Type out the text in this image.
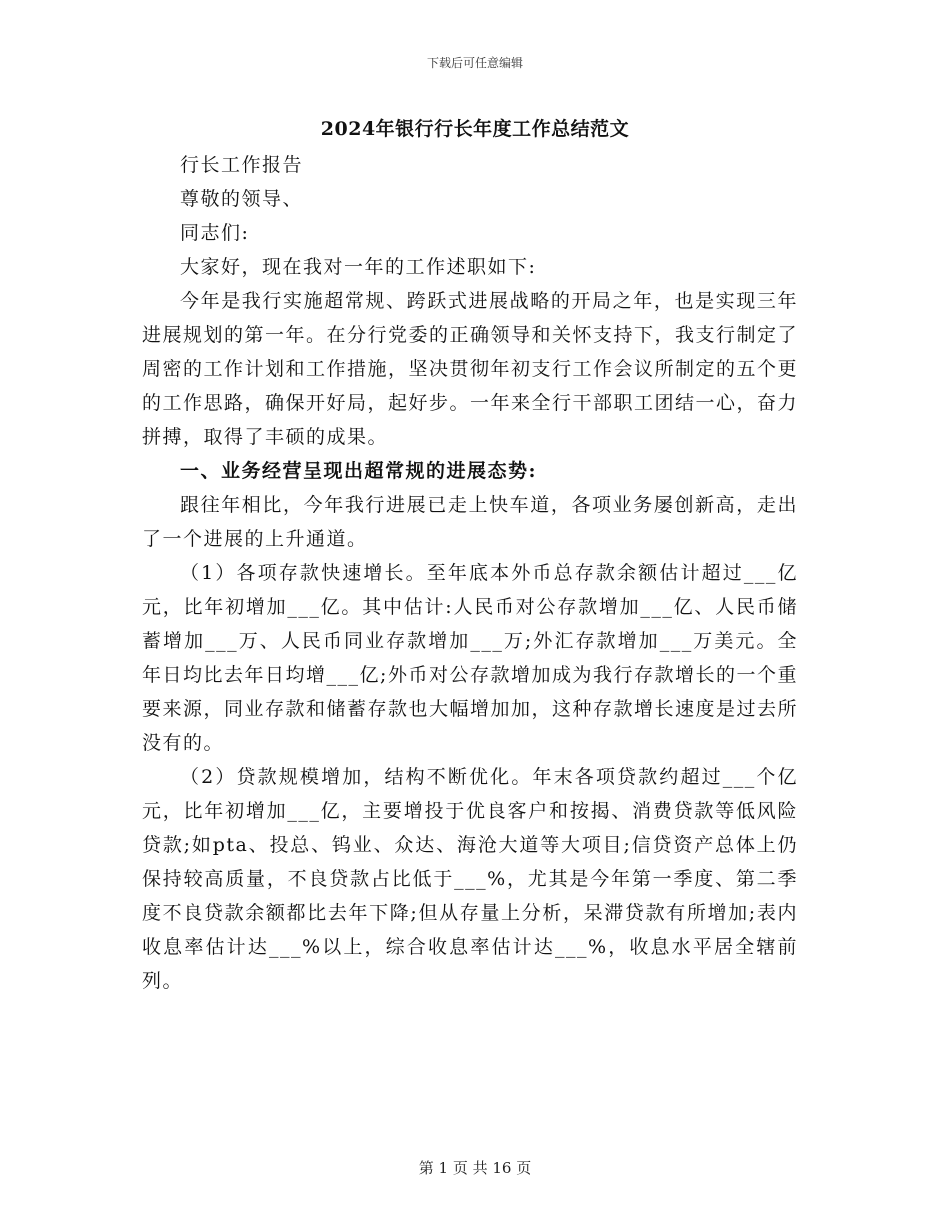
下载后可任意编辑
2024年银行行长年度工作总结范文

行长工作报告

尊敬的领导、

同志们:

大家好，现在我对一年的工作述职如下:

今年是我行实施超常规、跨跃式进展战略的开局之年，也是实现三年进展规划的第一年。在分行党委的正确领导和关怀支持下，我支行制定了周密的工作计划和工作措施，坚决贯彻年初支行工作会议所制定的五个更的工作思路，确保开好局，起好步。一年来全行干部职工团结一心，奋力拼搏，取得了丰硕的成果。

一、业务经营呈现出超常规的进展态势:

跟往年相比，今年我行进展已走上快车道，各项业务屡创新高，走出了一个进展的上升通道。

（1）各项存款快速增长。至年底本外币总存款余额估计超过___亿元，比年初增加___亿。其中估计:人民币对公存款增加___亿、人民币储蓄增加___万、人民币同业存款增加___万;外汇存款增加___万美元。全年日均比去年日均增___亿;外币对公存款增加成为我行存款增长的一个重要来源，同业存款和储蓄存款也大幅增加加，这种存款增长速度是过去所没有的。

（2）贷款规模增加，结构不断优化。年末各项贷款约超过___个亿元，比年初增加___亿，主要增投于优良客户和按揭、消费贷款等低风险贷款;如pta、投总、钨业、众达、海沧大道等大项目;信贷资产总体上仍保持较高质量，不良贷款占比低于___%，尤其是今年第一季度、第二季度不良贷款余额都比去年下降;但从存量上分析，呆滞贷款有所增加;表内收息率估计达___%以上，综合收息率估计达___%，收息水平居全辖前列。

第 1 页 共 16 页
